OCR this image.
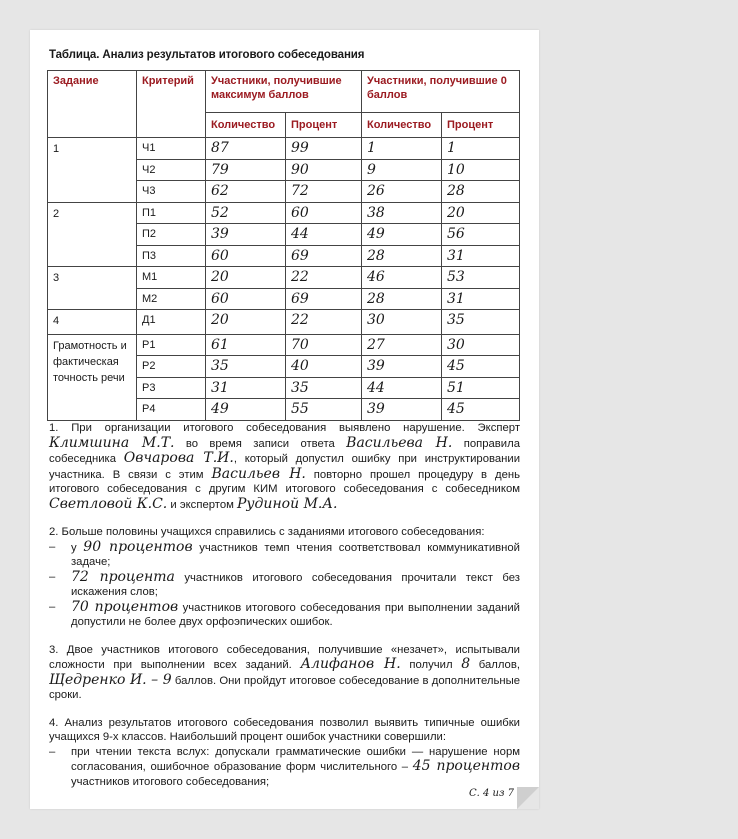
Таблица. Анализ результатов итогового собеседования
Задание	Критерий	Участники, получившие максимум баллов		Участники, получившие 0 баллов	
		Количество	Процент	Количество	Процент
1	Ч1	87	99	1	1
	Ч2	79	90	9	10
	Ч3	62	72	26	28
2	П1	52	60	38	20
	П2	39	44	49	56
	П3	60	69	28	31
3	М1	20	22	46	53
	М2	60	69	28	31
4	Д1	20	22	30	35
Грамотность и фактическая точность речи	Р1	61	70	27	30
	Р2	35	40	39	45
	Р3	31	35	44	51
	Р4	49	55	39	45

1. При организации итогового собеседования выявлено нарушение. Эксперт Климшина М.Т. во время записи ответа Васильева Н. поправила собеседника Овчарова Т.И., который допустил ошибку при инструктировании участника. В связи с этим Васильев Н. повторно прошел процедуру в день итогового собеседования с другим КИМ итогового собеседования с собеседником Светловой К.С. и экспертом Рудиной М.А.

2. Больше половины учащихся справились с заданиями итогового собеседования:

– у 90 процентов участников темп чтения соответствовал коммуникативной задаче;

– 72 процента участников итогового собеседования прочитали текст без искажения слов;

– 70 процентов участников итогового собеседования при выполнении заданий допустили не более двух орфоэпических ошибок.

3. Двое участников итогового собеседования, получившие «незачет», испытывали сложности при выполнении всех заданий. Алифанов Н. получил 8 баллов, Щедренко И. – 9 баллов. Они пройдут итоговое собеседование в дополнительные сроки.

4. Анализ результатов итогового собеседования позволил выявить типичные ошибки учащихся 9-х классов. Наибольший процент ошибок участники совершили:

– при чтении текста вслух: допускали грамматические ошибки — нарушение норм согласования, ошибочное образование форм числительного – 45 процентов участников итогового собеседования;

С. 4 из 7
